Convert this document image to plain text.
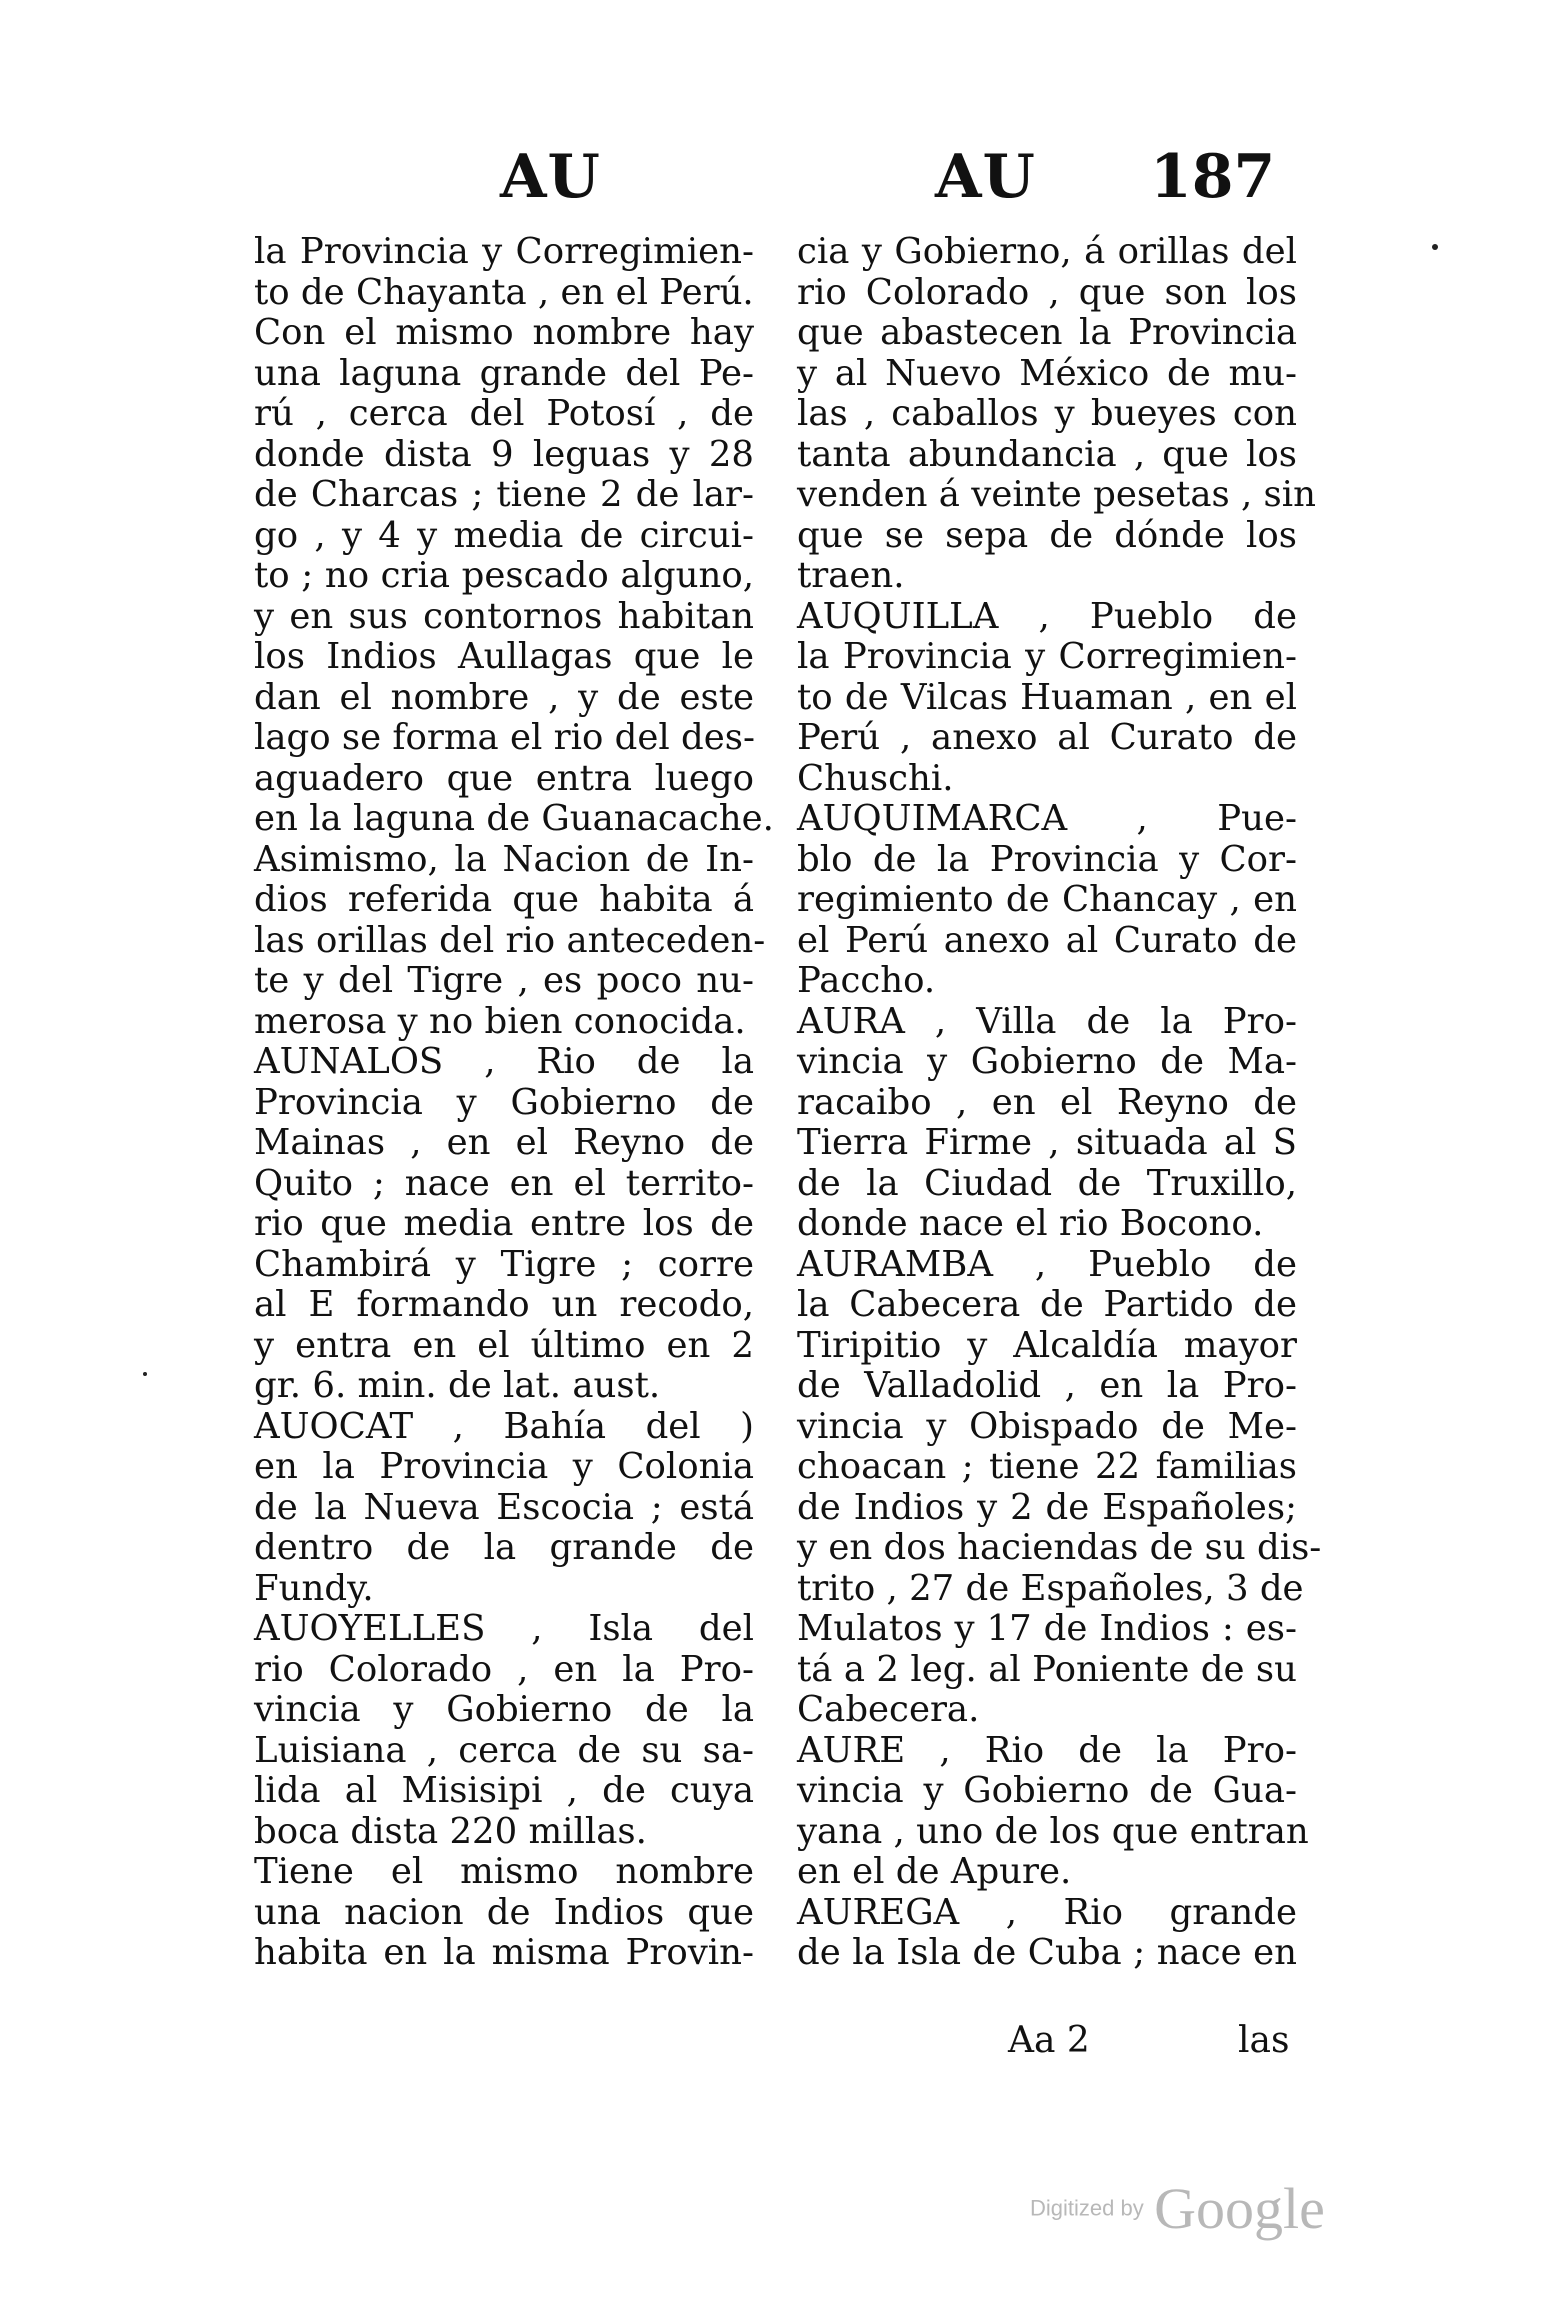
AU	AU 187
la Provincia y Corregimien-
to de Chayanta , en el Perú.
Con el mismo nombre hay
una laguna grande del Pe-
rú , cerca del Potosí , de
donde dista 9 leguas y 28
de Charcas ; tiene 2 de lar-
go , y 4 y media de circui-
to ; no cria pescado alguno,
y en sus contornos habitan
los Indios Aullagas que le
dan el nombre , y de este
lago se forma el rio del des-
aguadero que entra luego
en la laguna de Guanacache.
Asimismo, la Nacion de In-
dios referida que habita á
las orillas del rio anteceden-
te y del Tigre , es poco nu-
merosa y no bien conocida.
AUNALOS , Rio de la
Provincia y Gobierno de
Mainas , en el Reyno de
Quito ; nace en el territo-
rio que media entre los de
Chambirá y Tigre ; corre
al E formando un recodo,
y entra en el último en 2
gr. 6. min. de lat. aust.
AUOCAT , Bahía del )
en la Provincia y Colonia
de la Nueva Escocia ; está
dentro de la grande de
Fundy.
AUOYELLES , Isla del
rio Colorado , en la Pro-
vincia y Gobierno de la
Luisiana , cerca de su sa-
lida al Misisipi , de cuya
boca dista 220 millas.
Tiene el mismo nombre
una nacion de Indios que
habita en la misma Provin-
cia y Gobierno, á orillas del
rio Colorado , que son los
que abastecen la Provincia
y al Nuevo México de mu-
las , caballos y bueyes con
tanta abundancia , que los
venden á veinte pesetas , sin
que se sepa de dónde los
traen.
AUQUILLA , Pueblo de
la Provincia y Corregimien-
to de Vilcas Huaman , en el
Perú , anexo al Curato de
Chuschi.
AUQUIMARCA , Pue-
blo de la Provincia y Cor-
regimiento de Chancay , en
el Perú anexo al Curato de
Paccho.
AURA , Villa de la Pro-
vincia y Gobierno de Ma-
racaibo , en el Reyno de
Tierra Firme , situada al S
de la Ciudad de Truxillo,
donde nace el rio Bocono.
AURAMBA , Pueblo de
la Cabecera de Partido de
Tiripitio y Alcaldía mayor
de Valladolid , en la Pro-
vincia y Obispado de Me-
choacan ; tiene 22 familias
de Indios y 2 de Españoles;
y en dos haciendas de su dis-
trito , 27 de Españoles, 3 de
Mulatos y 17 de Indios : es-
tá a 2 leg. al Poniente de su
Cabecera.
AURE , Rio de la Pro-
vincia y Gobierno de Gua-
yana , uno de los que entran
en el de Apure.
AUREGA , Rio grande
de la Isla de Cuba ; nace en
Aa 2	las
Digitized by Google
